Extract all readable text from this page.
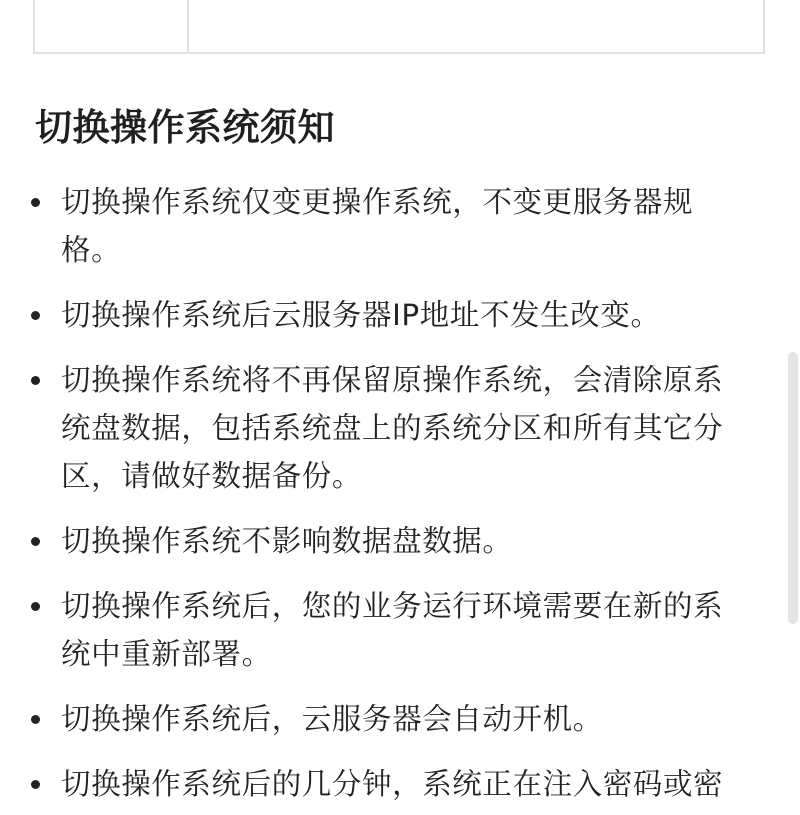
切换操作系统须知
切换操作系统仅变更操作系统，不变更服务器规格。
切换操作系统后云服务器IP地址不发生改变。
切换操作系统将不再保留原操作系统，会清除原系统盘数据，包括系统盘上的系统分区和所有其它分区，请做好数据备份。
切换操作系统不影响数据盘数据。
切换操作系统后，您的业务运行环境需要在新的系统中重新部署。
切换操作系统后，云服务器会自动开机。
切换操作系统后的几分钟，系统正在注入密码或密
